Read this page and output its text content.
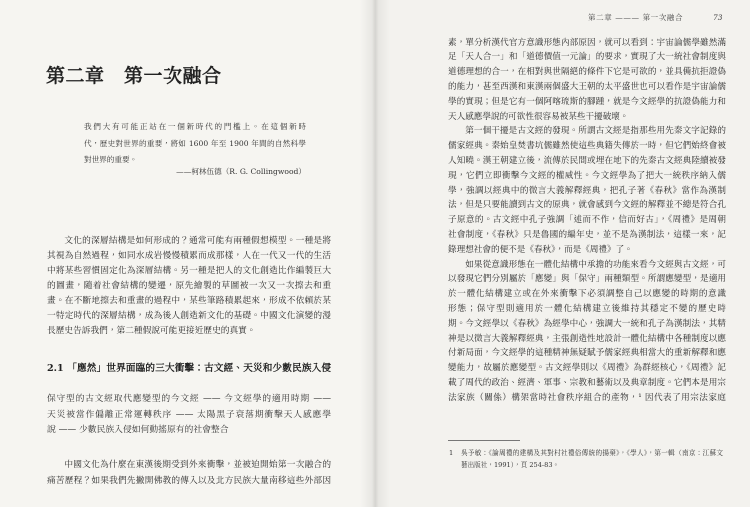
第二章　第一次融合
我們大有可能正站在一個新時代的門檻上。在這個新時
代，歷史對世界的重要，將如 1600 年至 1900 年間的自然科學
對世界的重要。
——柯林伍德（R. G. Collingwood）
文化的深層結構是如何形成的？通常可能有兩種假想模型。一種是將
其視為自然過程，如同水成岩慢慢積累而成那樣，人在一代又一代的生活
中將某些習慣固定化為深層結構。另一種是把人的文化創造比作編製巨大
的圖畫，隨着社會結構的變遷，原先繪製的草圖被一次又一次擦去和重
畫。在不斷地擦去和重畫的過程中，某些筆路積累起來，形成不依賴於某
一特定時代的深層結構，成為後人創造新文化的基礎。中國文化演變的漫
長歷史告訴我們，第二種假說可能更接近歷史的真實。
2.1 「應然」世界面臨的三大衝擊：古文經、天災和少數民族入侵
保守型的古文經取代應變型的今文經 —— 今文經學的適用時期 ——
天災被當作偏離正常運轉秩序 —— 太陽黑子衰落期衝擊天人感應學
說 —— 少數民族入侵如何動搖原有的社會整合
中國文化為什麼在東漢後期受到外來衝擊，並被迫開始第一次融合的
痛苦歷程？如果我們先撇開佛教的傳入以及北方民族大量南移這些外部因
第二章 ——— 第一次融合	73
素，單分析漢代官方意識形態內部原因，就可以看到：宇宙論儒學雖然滿
足「天人合一」和「道德價值一元論」的要求，實現了大一統社會制度與
道德理想的合一，在相對與世隔絕的條件下它是可欲的，並具備抗拒證偽
的能力，甚至西漢和東漢兩個盛大王朝的太平盛世也可以看作是宇宙論儒
學的實現；但是它有一個阿喀琉斯的腳踵，就是今文經學的抗證偽能力和
天人感應學說的可欲性很容易被某些干擾破壞。
第一個干擾是古文經的發現。所謂古文經是指那些用先秦文字記錄的
儒家經典。秦始皇焚書坑儒雖然使這些典籍失傳於一時，但它們始終會被
人知曉。漢王朝建立後，流傳於民間或埋在地下的先秦古文經典陸續被發
現，它們立即衝擊今文經的權威性。今文經學為了把大一統秩序納入儒
學，強調以經典中的微言大義解釋經典，把孔子著《春秋》當作為漢制
法，但是只要能讀到古文的原典，就會感到今文經的解釋並不總是符合孔
子原意的。古文經中孔子強調「述而不作，信而好古」，《周禮》是周朝
社會制度，《春秋》只是魯國的編年史，並不是為漢制法，這樣一來，記
錄理想社會的便不是《春秋》，而是《周禮》了。
如果從意識形態在一體化結構中承擔的功能來看今文經與古文經，可
以發現它們分別屬於「應變」與「保守」兩種類型。所謂應變型，是適用
於一體化結構建立或在外來衝擊下必須調整自己以應變的時期的意識
形態；保守型則適用於一體化結構建立後維持其穩定不變的歷史時
期。今文經學以《春秋》為經學中心，強調大一統和孔子為漢制法，其精
神是以微言大義解釋經典，主張創造性地設計一體化結構中各種制度以應
付新局面，今文經學的這種精神無疑賦予儒家經典相當大的重新解釋和應
變能力，故屬於應變型。古文經學則以《周禮》為群經核心，《周禮》記
載了周代的政治、經濟、軍事、宗教和藝術以及典章制度。它們本是用宗
法家族（關係）構架當時社會秩序組合的產物，¹ 因代表了用宗法家庭
1 吳予敏：《論周禮的建構及其對村社禮俗傳統的揚棄》，《學人》，第一輯（南京：江蘇文
藝出版社，1991），頁 254-83。
